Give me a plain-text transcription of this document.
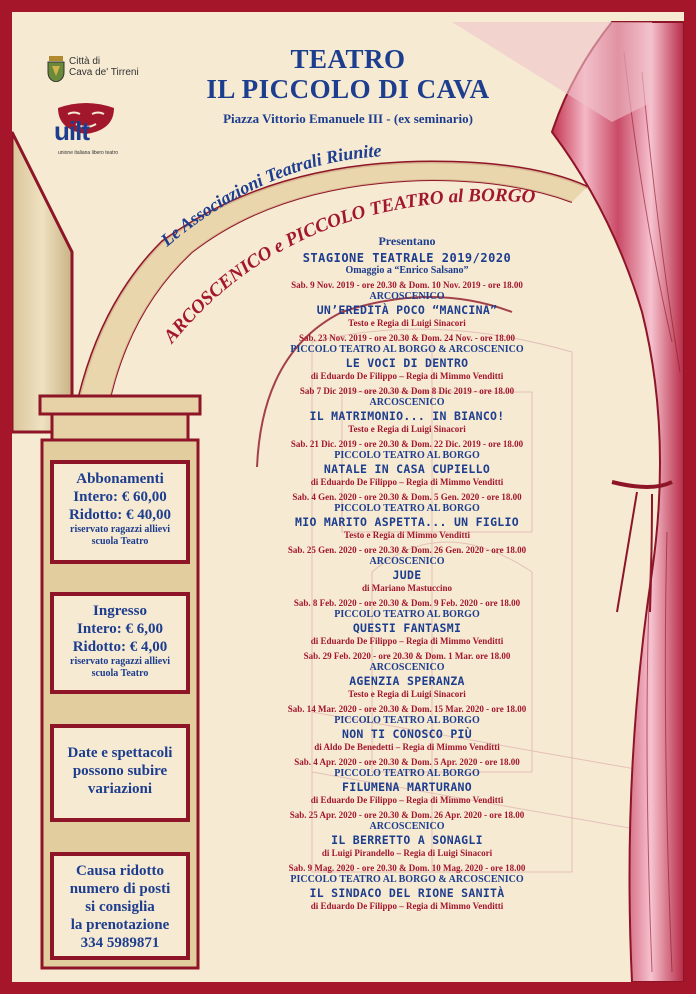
Città di
Cava de' Tirreni
uilt
unione italiana libero teatro
TEATRO
IL PICCOLO DI CAVA
Piazza Vittorio Emanuele III - (ex seminario)
Le Associazioni Teatrali Riunite
ARCOSCENICO e PICCOLO TEATRO al BORGO
Presentano
STAGIONE TEATRALE 2019/2020
Omaggio a “Enrico Salsano”
Sab. 9 Nov. 2019 - ore 20.30 & Dom. 10 Nov. 2019 - ore 18.00
ARCOSCENICO
UN’EREDITÀ POCO “MANCINA”
Testo e Regia di Luigi Sinacori
Sab. 23 Nov. 2019 - ore 20.30 & Dom. 24 Nov. - ore 18.00
PICCOLO TEATRO AL BORGO & ARCOSCENICO
LE VOCI DI DENTRO
di Eduardo De Filippo – Regia di Mimmo Venditti
Sab 7 Dic 2019 - ore 20.30 & Dom 8 Dic 2019 - ore 18.00
ARCOSCENICO
IL MATRIMONIO... IN BIANCO!
Testo e Regia di Luigi Sinacori
Sab. 21 Dic. 2019 - ore 20.30 & Dom. 22 Dic. 2019 - ore 18.00
PICCOLO TEATRO AL BORGO
NATALE IN CASA CUPIELLO
di Eduardo De Filippo – Regia di Mimmo Venditti
Sab. 4 Gen. 2020 - ore 20.30 & Dom. 5 Gen. 2020 - ore 18.00
PICCOLO TEATRO AL BORGO
MIO MARITO ASPETTA... UN FIGLIO
Testo e Regia di Mimmo Venditti
Sab. 25 Gen. 2020 - ore 20.30 & Dom. 26 Gen. 2020 - ore 18.00
ARCOSCENICO
JUDE
di Mariano Mastuccino
Sab. 8 Feb. 2020 - ore 20.30 & Dom. 9 Feb. 2020 - ore 18.00
PICCOLO TEATRO AL BORGO
QUESTI FANTASMI
di Eduardo De Filippo – Regia di Mimmo Venditti
Sab. 29 Feb. 2020 - ore 20.30 & Dom. 1 Mar. ore 18.00
ARCOSCENICO
AGENZIA SPERANZA
Testo e Regia di Luigi Sinacori
Sab. 14 Mar. 2020 - ore 20.30 & Dom. 15 Mar. 2020 - ore 18.00
PICCOLO TEATRO AL BORGO
NON TI CONOSCO PIÙ
di Aldo De Benedetti – Regia di Mimmo Venditti
Sab. 4 Apr. 2020 - ore 20.30 & Dom. 5 Apr. 2020 - ore 18.00
PICCOLO TEATRO AL BORGO
FILUMENA MARTURANO
di Eduardo De Filippo – Regia di Mimmo Venditti
Sab. 25 Apr. 2020 - ore 20.30 & Dom. 26 Apr. 2020 - ore 18.00
ARCOSCENICO
IL BERRETTO A SONAGLI
di Luigi Pirandello – Regia di Luigi Sinacori
Sab. 9 Mag. 2020 - ore 20.30 & Dom. 10 Mag. 2020 - ore 18.00
PICCOLO TEATRO AL BORGO & ARCOSCENICO
IL SINDACO DEL RIONE SANITÀ
di Eduardo De Filippo – Regia di Mimmo Venditti
Abbonamenti
Intero: € 60,00
Ridotto: € 40,00
riservato ragazzi allievi
scuola Teatro
Ingresso
Intero: € 6,00
Ridotto: € 4,00
riservato ragazzi allievi
scuola Teatro
Date e spettacoli
possono subire
variazioni
Causa ridotto
numero di posti
si consiglia
la prenotazione
334 5989871
